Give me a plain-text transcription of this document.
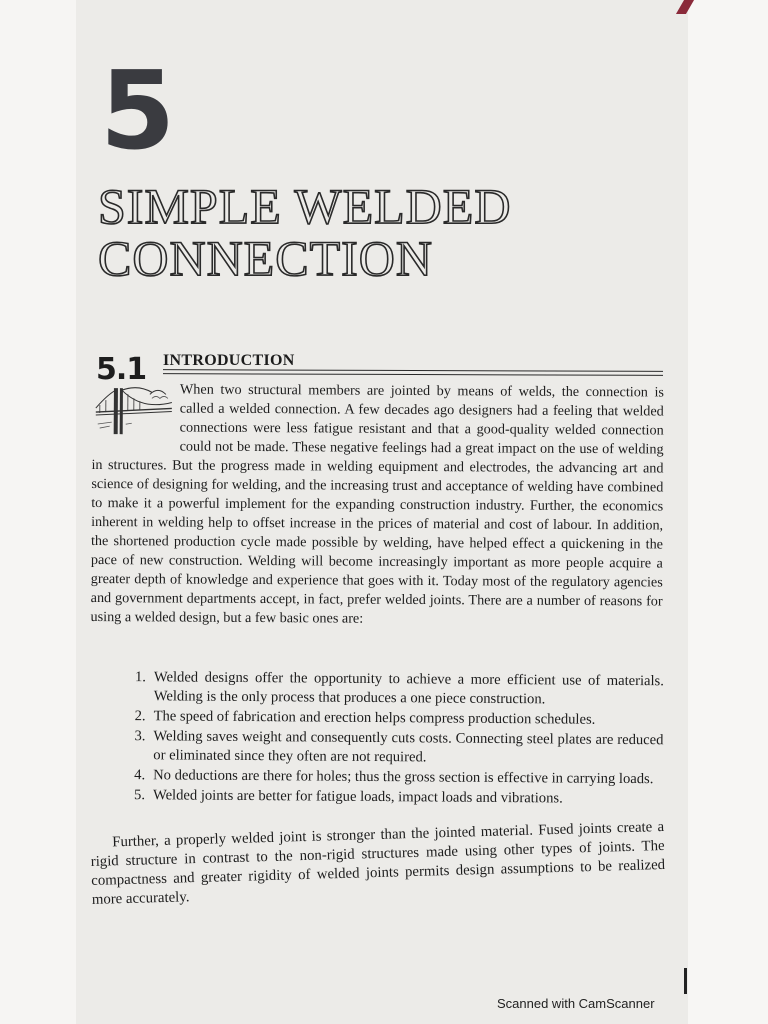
5
SIMPLE WELDED
CONNECTION
5.1 INTRODUCTION
When two structural members are jointed by means of welds, the connection is called a welded connection. A few decades ago designers had a feeling that welded connections were less fatigue resistant and that a good-quality welded connection could not be made. These negative feelings had a great impact on the use of welding in structures. But the progress made in welding equipment and electrodes, the advancing art and science of designing for welding, and the increasing trust and acceptance of welding have combined to make it a powerful implement for the expanding construction industry. Further, the economics inherent in welding help to offset increase in the prices of material and cost of labour. In addition, the shortened production cycle made possible by welding, have helped effect a quickening in the pace of new construction. Welding will become increasingly important as more people acquire a greater depth of knowledge and experience that goes with it. Today most of the regulatory agencies and government departments accept, in fact, prefer welded joints. There are a number of reasons for using a welded design, but a few basic ones are:
1. Welded designs offer the opportunity to achieve a more efficient use of materials. Welding is the only process that produces a one piece construction.
2. The speed of fabrication and erection helps compress production schedules.
3. Welding saves weight and consequently cuts costs. Connecting steel plates are reduced or eliminated since they often are not required.
4. No deductions are there for holes; thus the gross section is effective in carrying loads.
5. Welded joints are better for fatigue loads, impact loads and vibrations.
Further, a properly welded joint is stronger than the jointed material. Fused joints create a rigid structure in contrast to the non-rigid structures made using other types of joints. The compactness and greater rigidity of welded joints permits design assumptions to be realized more accurately.
Scanned with CamScanner
